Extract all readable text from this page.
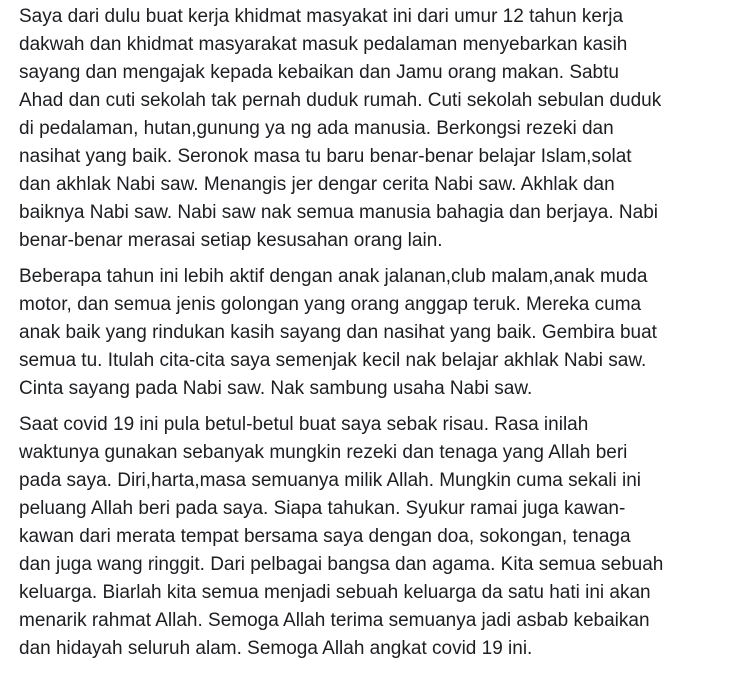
Saya dari dulu buat kerja khidmat masyakat ini dari umur 12 tahun kerja
dakwah dan khidmat masyarakat masuk pedalaman menyebarkan kasih
sayang dan mengajak kepada kebaikan dan Jamu orang makan. Sabtu
Ahad dan cuti sekolah tak pernah duduk rumah. Cuti sekolah sebulan duduk
di pedalaman, hutan,gunung ya ng ada manusia. Berkongsi rezeki dan
nasihat yang baik. Seronok masa tu baru benar-benar belajar Islam,solat
dan akhlak Nabi saw. Menangis jer dengar cerita Nabi saw. Akhlak dan
baiknya Nabi saw. Nabi saw nak semua manusia bahagia dan berjaya. Nabi
benar-benar merasai setiap kesusahan orang lain.

Beberapa tahun ini lebih aktif dengan anak jalanan,club malam,anak muda
motor, dan semua jenis golongan yang orang anggap teruk. Mereka cuma
anak baik yang rindukan kasih sayang dan nasihat yang baik. Gembira buat
semua tu. Itulah cita-cita saya semenjak kecil nak belajar akhlak Nabi saw.
Cinta sayang pada Nabi saw. Nak sambung usaha Nabi saw.

Saat covid 19 ini pula betul-betul buat saya sebak risau. Rasa inilah
waktunya gunakan sebanyak mungkin rezeki dan tenaga yang Allah beri
pada saya. Diri,harta,masa semuanya milik Allah. Mungkin cuma sekali ini
peluang Allah beri pada saya. Siapa tahukan. Syukur ramai juga kawan-
kawan dari merata tempat bersama saya dengan doa, sokongan, tenaga
dan juga wang ringgit. Dari pelbagai bangsa dan agama. Kita semua sebuah
keluarga. Biarlah kita semua menjadi sebuah keluarga da satu hati ini akan
menarik rahmat Allah. Semoga Allah terima semuanya jadi asbab kebaikan
dan hidayah seluruh alam. Semoga Allah angkat covid 19 ini.
